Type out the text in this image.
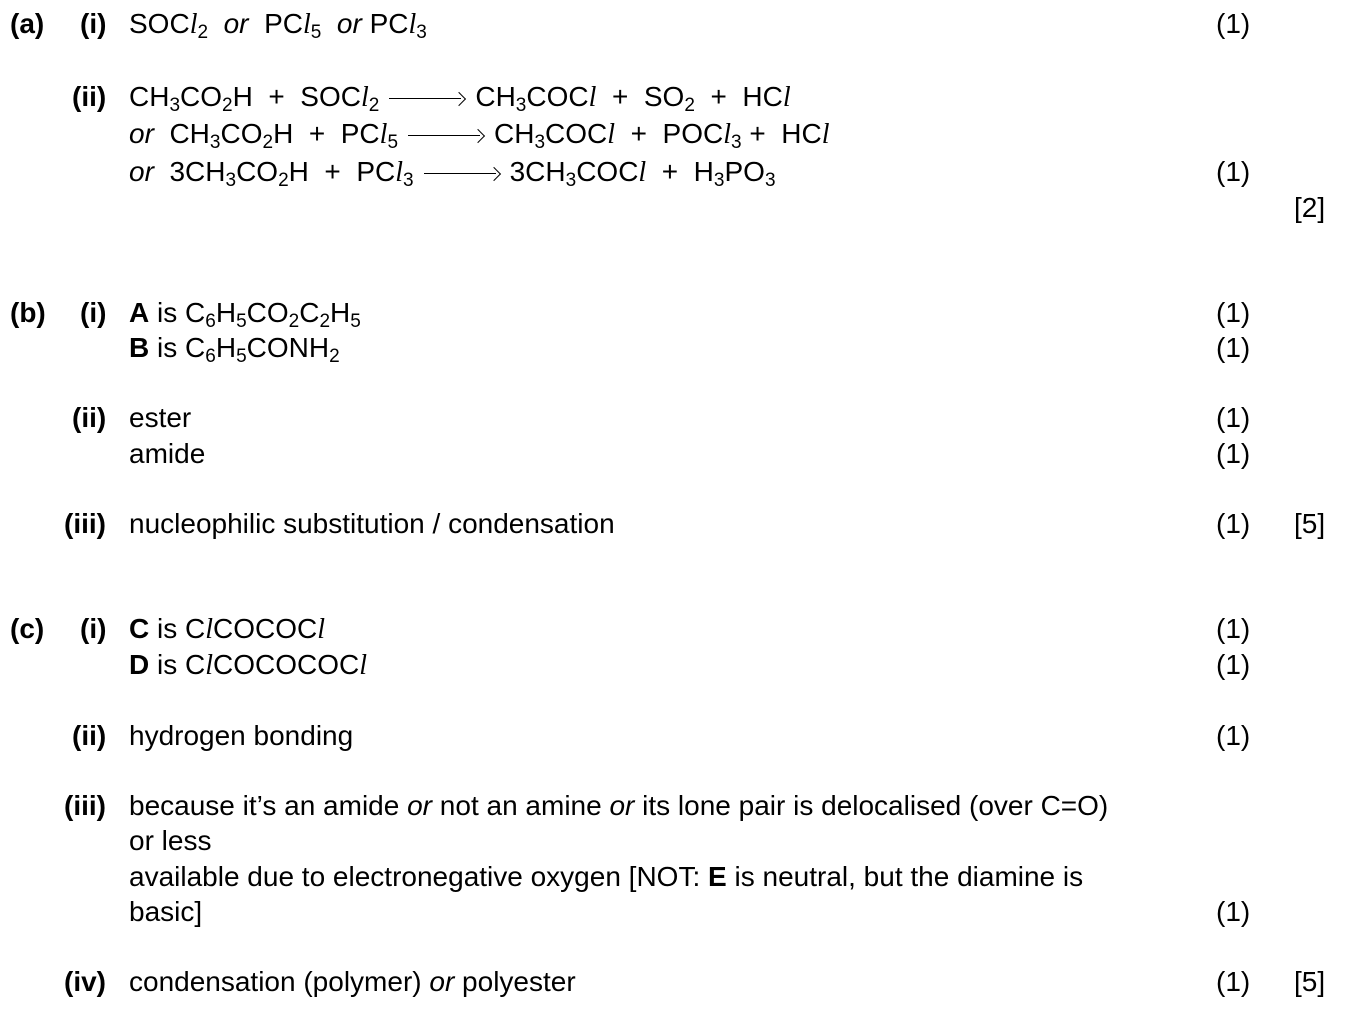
(a) (i) SOCl$_2$ or  PCl$_5$ or PCl$_3$	(1)
(ii) $CH_3CO_2H$  +  SOCl$_2$	$CH_3COCl + SO_2$  +  HCl
or  $CH_3CO_2H + PCl_5$	$CH_3COCl$  +  POCl$_3$ +  HCl
or  $3CH_3CO_2H + PCl_3$	$3CH_3COCl + H_3PO_3$	(1)
[2]
(b) (i) A is $C_6H_5CO_2C_2H_5$	(1)
B is $C_6H_5CONH_2$	(1)
(ii) ester	(1)
amide	(1)
(iii) nucleophilic substitution / condensation	(1) [5]
(c) (i) C is ClCOCOCl	(1)
D is ClCOCOCOCl	(1)
(ii) hydrogen bonding	(1)
(iii) because it’s an amide or not an amine or its lone pair is delocalised (over C=O)
or less
available due to electronegative oxygen [NOT: E is neutral, but the diamine is
basic]	(1)
(iv) condensation (polymer) or polyester	(1) [5]
